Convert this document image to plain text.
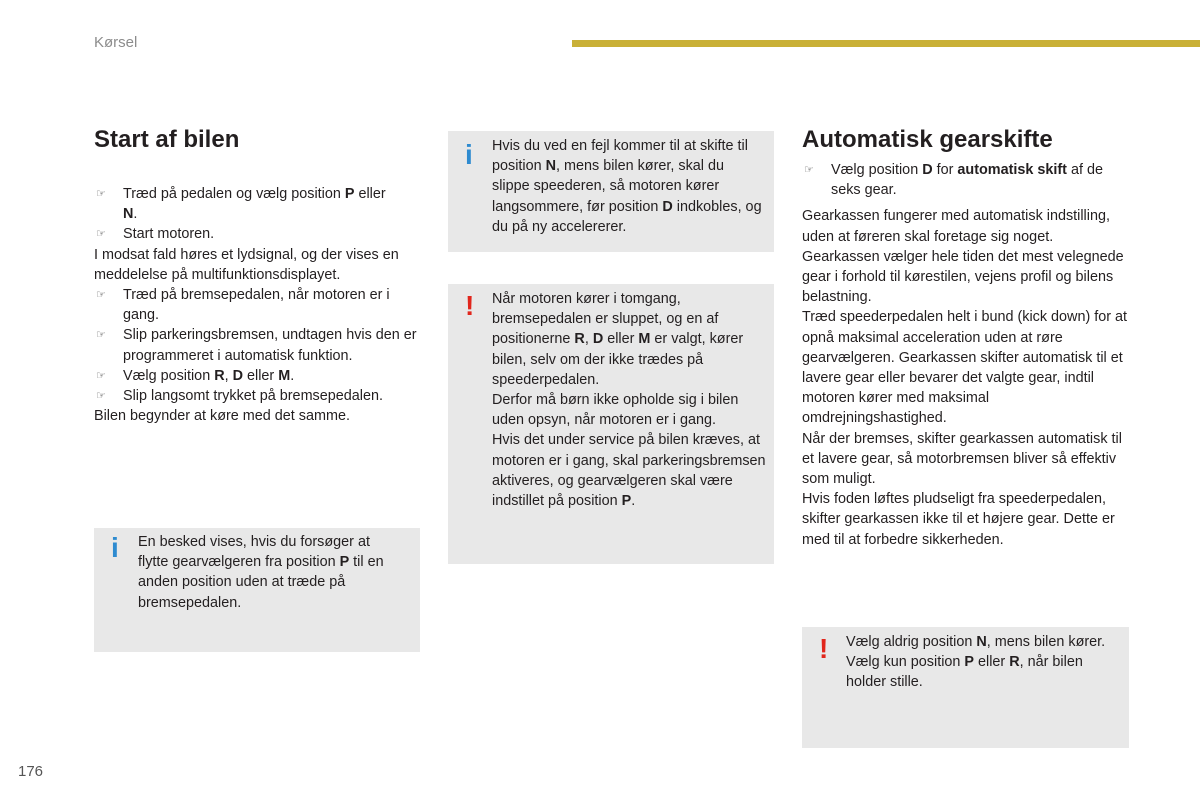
Kørsel
Start af bilen
☞ Træd på pedalen og vælg position P eller
N.
☞ Start motoren.
I modsat fald høres et lydsignal, og der vises en meddelelse på multifunktionsdisplayet.
☞ Træd på bremsepedalen, når motoren er i gang.
☞ Slip parkeringsbremsen, undtagen hvis den er programmeret i automatisk funktion.
☞ Vælg position R, D eller M.
☞ Slip langsomt trykket på bremsepedalen.
Bilen begynder at køre med det samme.
i En besked vises, hvis du forsøger at flytte gearvælgeren fra position P til en anden position uden at træde på bremsepedalen.
i Hvis du ved en fejl kommer til at skifte til position N, mens bilen kører, skal du slippe speederen, så motoren kører langsommere, før position D indkobles, og du på ny accelererer.
! Når motoren kører i tomgang, bremsepedalen er sluppet, og en af positionerne R, D eller M er valgt, kører bilen, selv om der ikke trædes på speederpedalen.
Derfor må børn ikke opholde sig i bilen uden opsyn, når motoren er i gang.
Hvis det under service på bilen kræves, at motoren er i gang, skal parkeringsbremsen aktiveres, og gearvælgeren skal være indstillet på position P.
Automatisk gearskifte
☞ Vælg position D for automatisk skift af de seks gear.
Gearkassen fungerer med automatisk indstilling, uden at føreren skal foretage sig noget. Gearkassen vælger hele tiden det mest velegnede gear i forhold til kørestilen, vejens profil og bilens belastning.
Træd speederpedalen helt i bund (kick down) for at opnå maksimal acceleration uden at røre gearvælgeren. Gearkassen skifter automatisk til et lavere gear eller bevarer det valgte gear, indtil motoren kører med maksimal omdrejningshastighed.
Når der bremses, skifter gearkassen automatisk til et lavere gear, så motorbremsen bliver så effektiv som muligt.
Hvis foden løftes pludseligt fra speederpedalen, skifter gearkassen ikke til et højere gear. Dette er med til at forbedre sikkerheden.
! Vælg aldrig position N, mens bilen kører.
Vælg kun position P eller R, når bilen holder stille.
176
